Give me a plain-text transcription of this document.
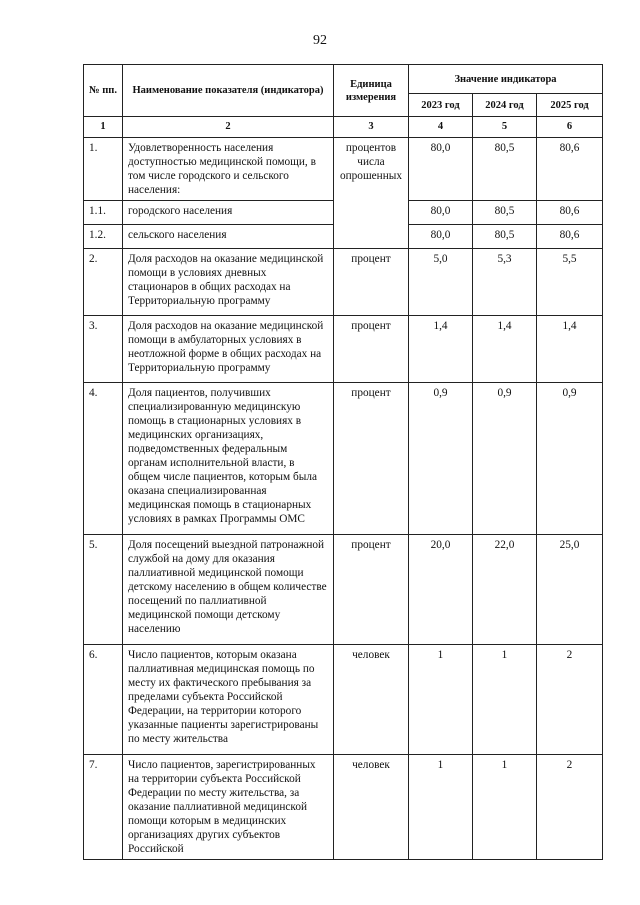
92
№ пп.	Наименование показателя (индикатора)	Единица измерения	Значение индикатора		
			2023 год	2024 год	2025 год
1	2	3	4	5	6
1.	Удовлетворенность населения доступностью медицинской помощи, в том числе городского и сельского населения:	процентов числа опрошенных	80,0	80,5	80,6
1.1.	городского населения		80,0	80,5	80,6
1.2.	сельского населения		80,0	80,5	80,6
2.	Доля расходов на оказание медицинской помощи в условиях дневных стационаров в общих расходах на Территориальную программу	процент	5,0	5,3	5,5
3.	Доля расходов на оказание медицинской помощи в амбулаторных условиях в неотложной форме в общих расходах на Территориальную программу	процент	1,4	1,4	1,4
4.	Доля пациентов, получивших специализированную медицинскую помощь в стационарных условиях в медицинских организациях, подведомственных федеральным органам исполнительной власти, в общем числе пациентов, которым была оказана специализированная медицинская помощь в стационарных условиях в рамках Программы ОМС	процент	0,9	0,9	0,9
5.	Доля посещений выездной патронажной службой на дому для оказания паллиативной медицинской помощи детскому населению в общем количестве посещений по паллиативной медицинской помощи детскому населению	процент	20,0	22,0	25,0
6.	Число пациентов, которым оказана паллиативная медицинская помощь по месту их фактического пребывания за пределами субъекта Российской Федерации, на территории которого указанные пациенты зарегистрированы по месту жительства	человек	1	1	2
7.	Число пациентов, зарегистрированных на территории субъекта Российской Федерации по месту жительства, за оказание паллиативной медицинской помощи которым в медицинских организациях других субъектов Российской	человек	1	1	2
